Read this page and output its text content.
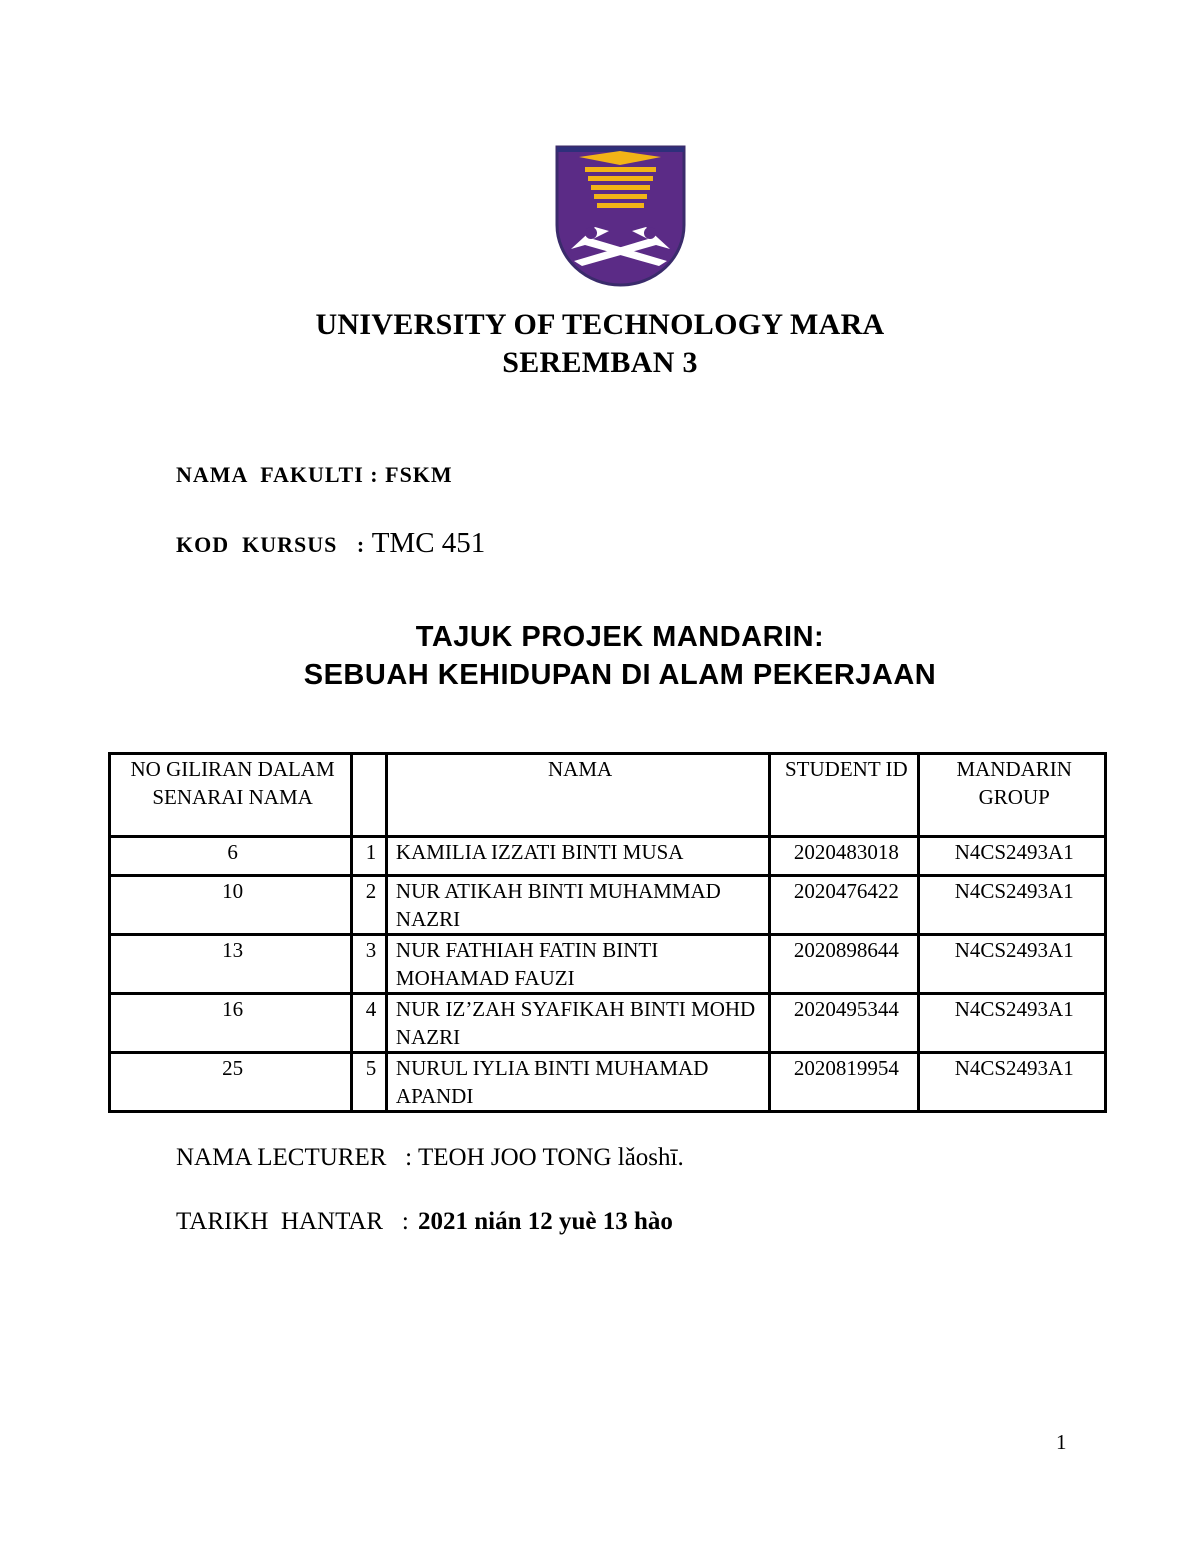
UNIVERSITY OF TECHNOLOGY MARA
SEREMBAN 3
NAMA  FAKULTI : FSKM
KOD  KURSUS   : TMC 451
TAJUK PROJEK MANDARIN:
SEBUAH KEHIDUPAN DI ALAM PEKERJAAN
NO GILIRAN DALAM SENARAI NAMA		NAMA	STUDENT ID	MANDARIN GROUP
6	1	KAMILIA IZZATI BINTI MUSA	2020483018	N4CS2493A1
10	2	NUR ATIKAH BINTI MUHAMMAD NAZRI	2020476422	N4CS2493A1
13	3	NUR FATHIAH FATIN BINTI MOHAMAD FAUZI	2020898644	N4CS2493A1
16	4	NUR IZ’ZAH SYAFIKAH BINTI MOHD NAZRI	2020495344	N4CS2493A1
25	5	NURUL IYLIA BINTI MUHAMAD APANDI	2020819954	N4CS2493A1
NAMA LECTURER   : TEOH JOO TONG lǎoshī.
TARIKH  HANTAR   : 2021 nián 12 yuè 13 hào
1
